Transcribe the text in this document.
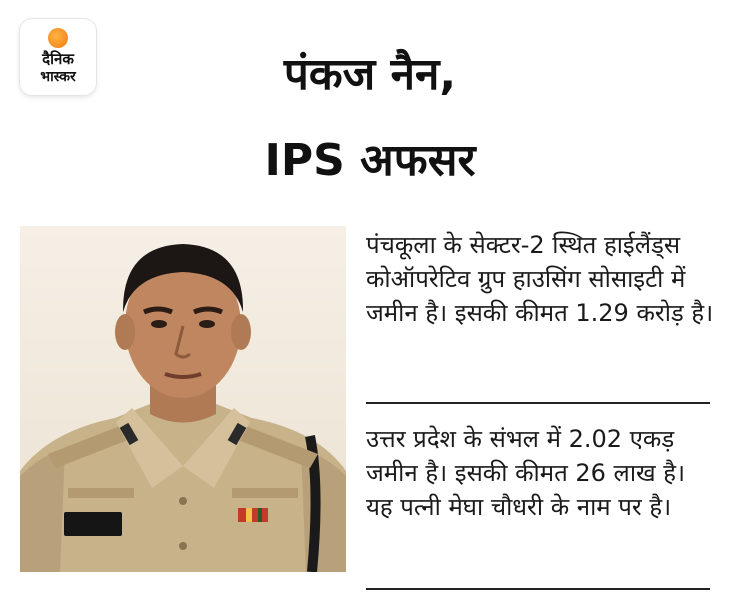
दैनिक
भास्कर	पंकज नैन,
IPS अफसर
पंचकूला के सेक्टर-2 स्थित हाईलैंड्स कोऑपरेटिव ग्रुप हाउसिंग सोसाइटी में जमीन है। इसकी कीमत 1.29 करोड़ है।
उत्तर प्रदेश के संभल में 2.02 एकड़ जमीन है। इसकी कीमत 26 लाख है। यह पत्नी मेघा चौधरी के नाम पर है।
